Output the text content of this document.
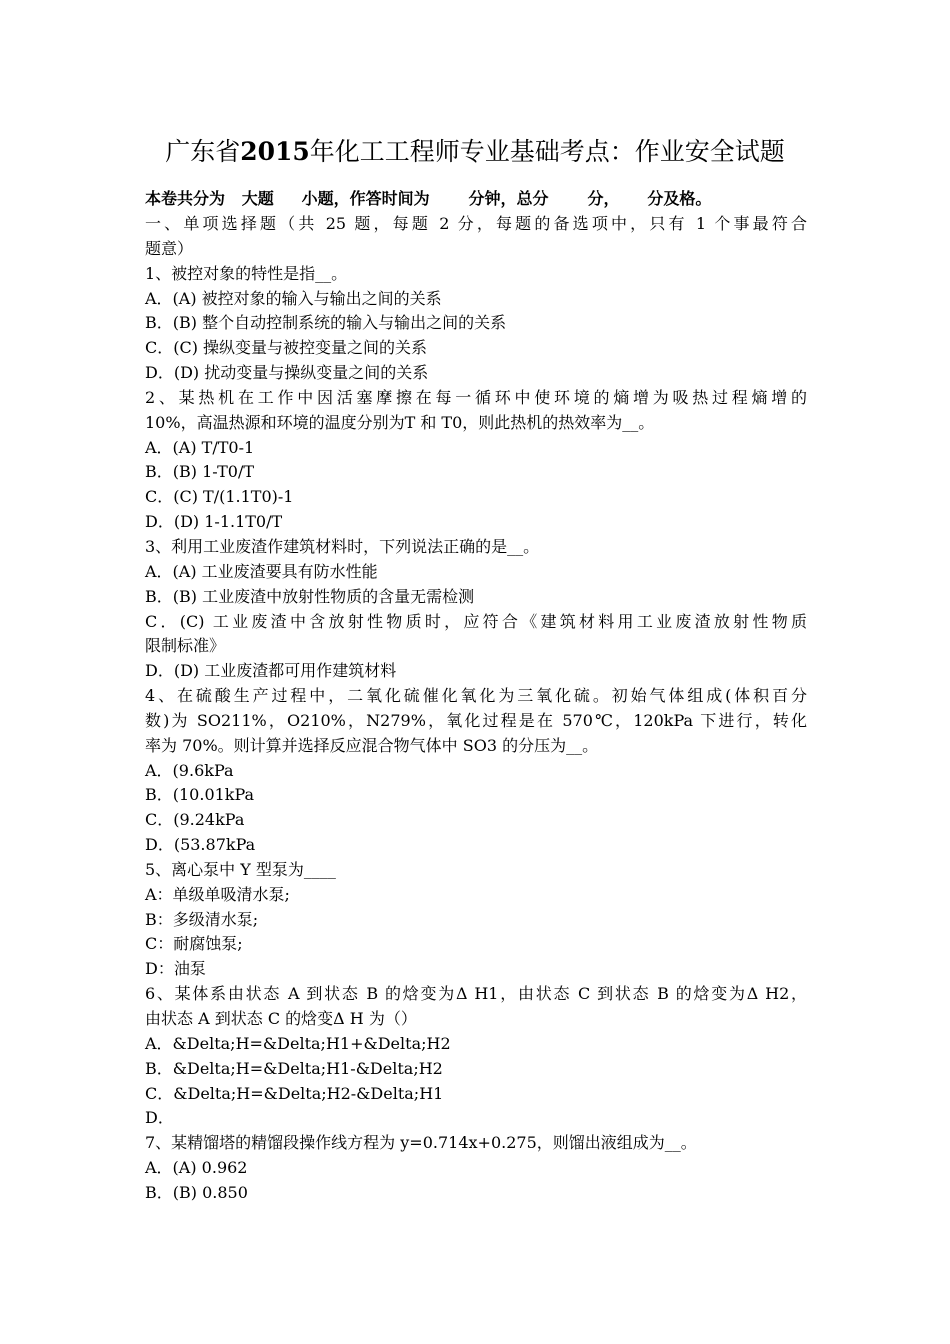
广东省2015年化工工程师专业基础考点：作业安全试题
本卷共分为   大题     小题，作答时间为       分钟，总分       分，     分及格。
一、单项选择题（共 25 题，每题 2 分，每题的备选项中，只有 1 个事最符合
题意）
1、被控对象的特性是指__。
A．(A) 被控对象的输入与输出之间的关系
B．(B) 整个自动控制系统的输入与输出之间的关系
C．(C) 操纵变量与被控变量之间的关系
D．(D) 扰动变量与操纵变量之间的关系
2、某热机在工作中因活塞摩擦在每一循环中使环境的熵增为吸热过程熵增的
10%，高温热源和环境的温度分别为T 和 T0，则此热机的热效率为__。
A．(A) T/T0-1
B．(B) 1-T0/T
C．(C) T/(1.1T0)-1
D．(D) 1-1.1T0/T
3、利用工业废渣作建筑材料时，下列说法正确的是__。
A．(A) 工业废渣要具有防水性能
B．(B) 工业废渣中放射性物质的含量无需检测
C．(C) 工业废渣中含放射性物质时，应符合《建筑材料用工业废渣放射性物质
限制标准》
D．(D) 工业废渣都可用作建筑材料
4、在硫酸生产过程中，二氧化硫催化氧化为三氧化硫。初始气体组成(体积百分
数)为 SO211%，O210%，N279%，氧化过程是在 570℃，120kPa 下进行，转化
率为 70%。则计算并选择反应混合物气体中 SO3 的分压为__。
A．(9.6kPa
B．(10.01kPa
C．(9.24kPa
D．(53.87kPa
5、离心泵中 Y 型泵为____
A：单级单吸清水泵;
B：多级清水泵;
C：耐腐蚀泵;
D：油泵
6、某体系由状态 A 到状态 B 的焓变为Δ H1，由状态 C 到状态 B 的焓变为Δ H2，
由状态 A 到状态 C 的焓变Δ H 为（）
A．&Delta;H=&Delta;H1+&Delta;H2
B．&Delta;H=&Delta;H1-&Delta;H2
C．&Delta;H=&Delta;H2-&Delta;H1
D．
7、某精馏塔的精馏段操作线方程为 y=0.714x+0.275，则馏出液组成为__。
A．(A) 0.962
B．(B) 0.850
